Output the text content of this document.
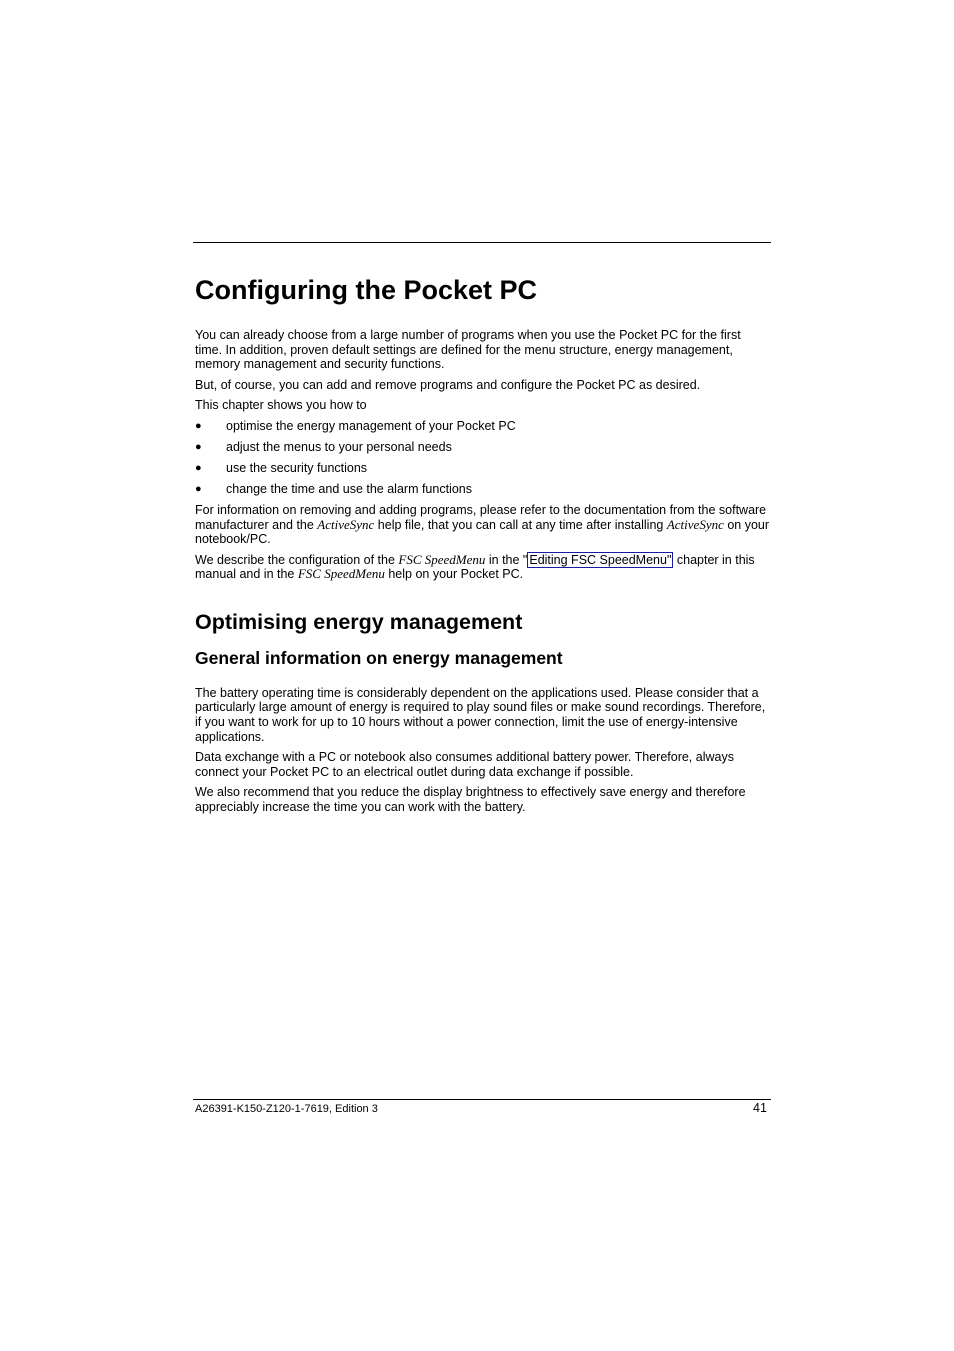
Configuring the Pocket PC

You can already choose from a large number of programs when you use the Pocket PC for the first time. In addition, proven default settings are defined for the menu structure, energy management, memory management and security functions.

But, of course, you can add and remove programs and configure the Pocket PC as desired.

This chapter shows you how to

● optimise the energy management of your Pocket PC
● adjust the menus to your personal needs
● use the security functions
● change the time and use the alarm functions

For information on removing and adding programs, please refer to the documentation from the software manufacturer and the ActiveSync help file, that you can call at any time after installing ActiveSync on your notebook/PC.

We describe the configuration of the FSC SpeedMenu in the " Editing FSC SpeedMenu" chapter in this manual and in the FSC SpeedMenu help on your Pocket PC.

Optimising energy management
General information on energy management

The battery operating time is considerably dependent on the applications used. Please consider that a particularly large amount of energy is required to play sound files or make sound recordings. Therefore, if you want to work for up to 10 hours without a power connection, limit the use of energy-intensive applications.

Data exchange with a PC or notebook also consumes additional battery power. Therefore, always connect your Pocket PC to an electrical outlet during data exchange if possible.

We also recommend that you reduce the display brightness to effectively save energy and therefore appreciably increase the time you can work with the battery.

A26391-K150-Z120-1-7619, Edition 3	41
